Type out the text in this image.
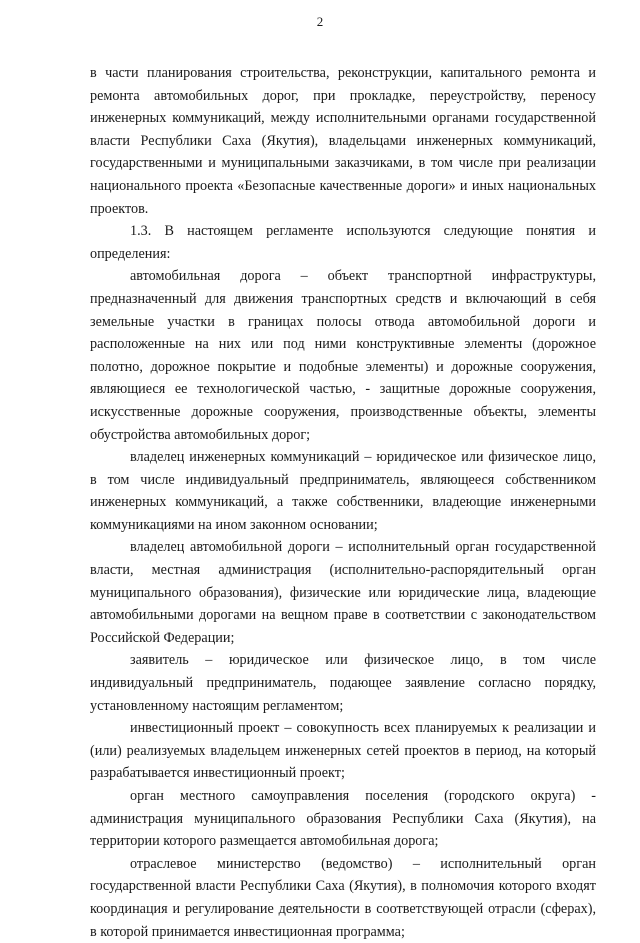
2

в части планирования строительства, реконструкции, капитального ремонта и ремонта автомобильных дорог, при прокладке, переустройству, переносу инженерных коммуникаций, между исполнительными органами государственной власти Республики Саха (Якутия), владельцами инженерных коммуникаций, государственными и муниципальными заказчиками, в том числе при реализации национального проекта «Безопасные качественные дороги» и иных национальных проектов.

1.3. В настоящем регламенте используются следующие понятия и определения:

автомобильная дорога – объект транспортной инфраструктуры, предназначенный для движения транспортных средств и включающий в себя земельные участки в границах полосы отвода автомобильной дороги и расположенные на них или под ними конструктивные элементы (дорожное полотно, дорожное покрытие и подобные элементы) и дорожные сооружения, являющиеся ее технологической частью, - защитные дорожные сооружения, искусственные дорожные сооружения, производственные объекты, элементы обустройства автомобильных дорог;

владелец инженерных коммуникаций – юридическое или физическое лицо, в том числе индивидуальный предприниматель, являющееся собственником инженерных коммуникаций, а также собственники, владеющие инженерными коммуникациями на ином законном основании;

владелец автомобильной дороги – исполнительный орган государственной власти, местная администрация (исполнительно-распорядительный орган муниципального образования), физические или юридические лица, владеющие автомобильными дорогами на вещном праве в соответствии с законодательством Российской Федерации;

заявитель – юридическое или физическое лицо, в том числе индивидуальный предприниматель, подающее заявление согласно порядку, установленному настоящим регламентом;

инвестиционный проект – совокупность всех планируемых к реализации и (или) реализуемых владельцем инженерных сетей проектов в период, на который разрабатывается инвестиционный проект;

орган местного самоуправления поселения (городского округа) - администрация муниципального образования Республики Саха (Якутия), на территории которого размещается автомобильная дорога;

отраслевое министерство (ведомство) – исполнительный орган государственной власти Республики Саха (Якутия), в полномочия которого входят координация и регулирование деятельности в соответствующей отрасли (сферах), в которой принимается инвестиционная программа;
